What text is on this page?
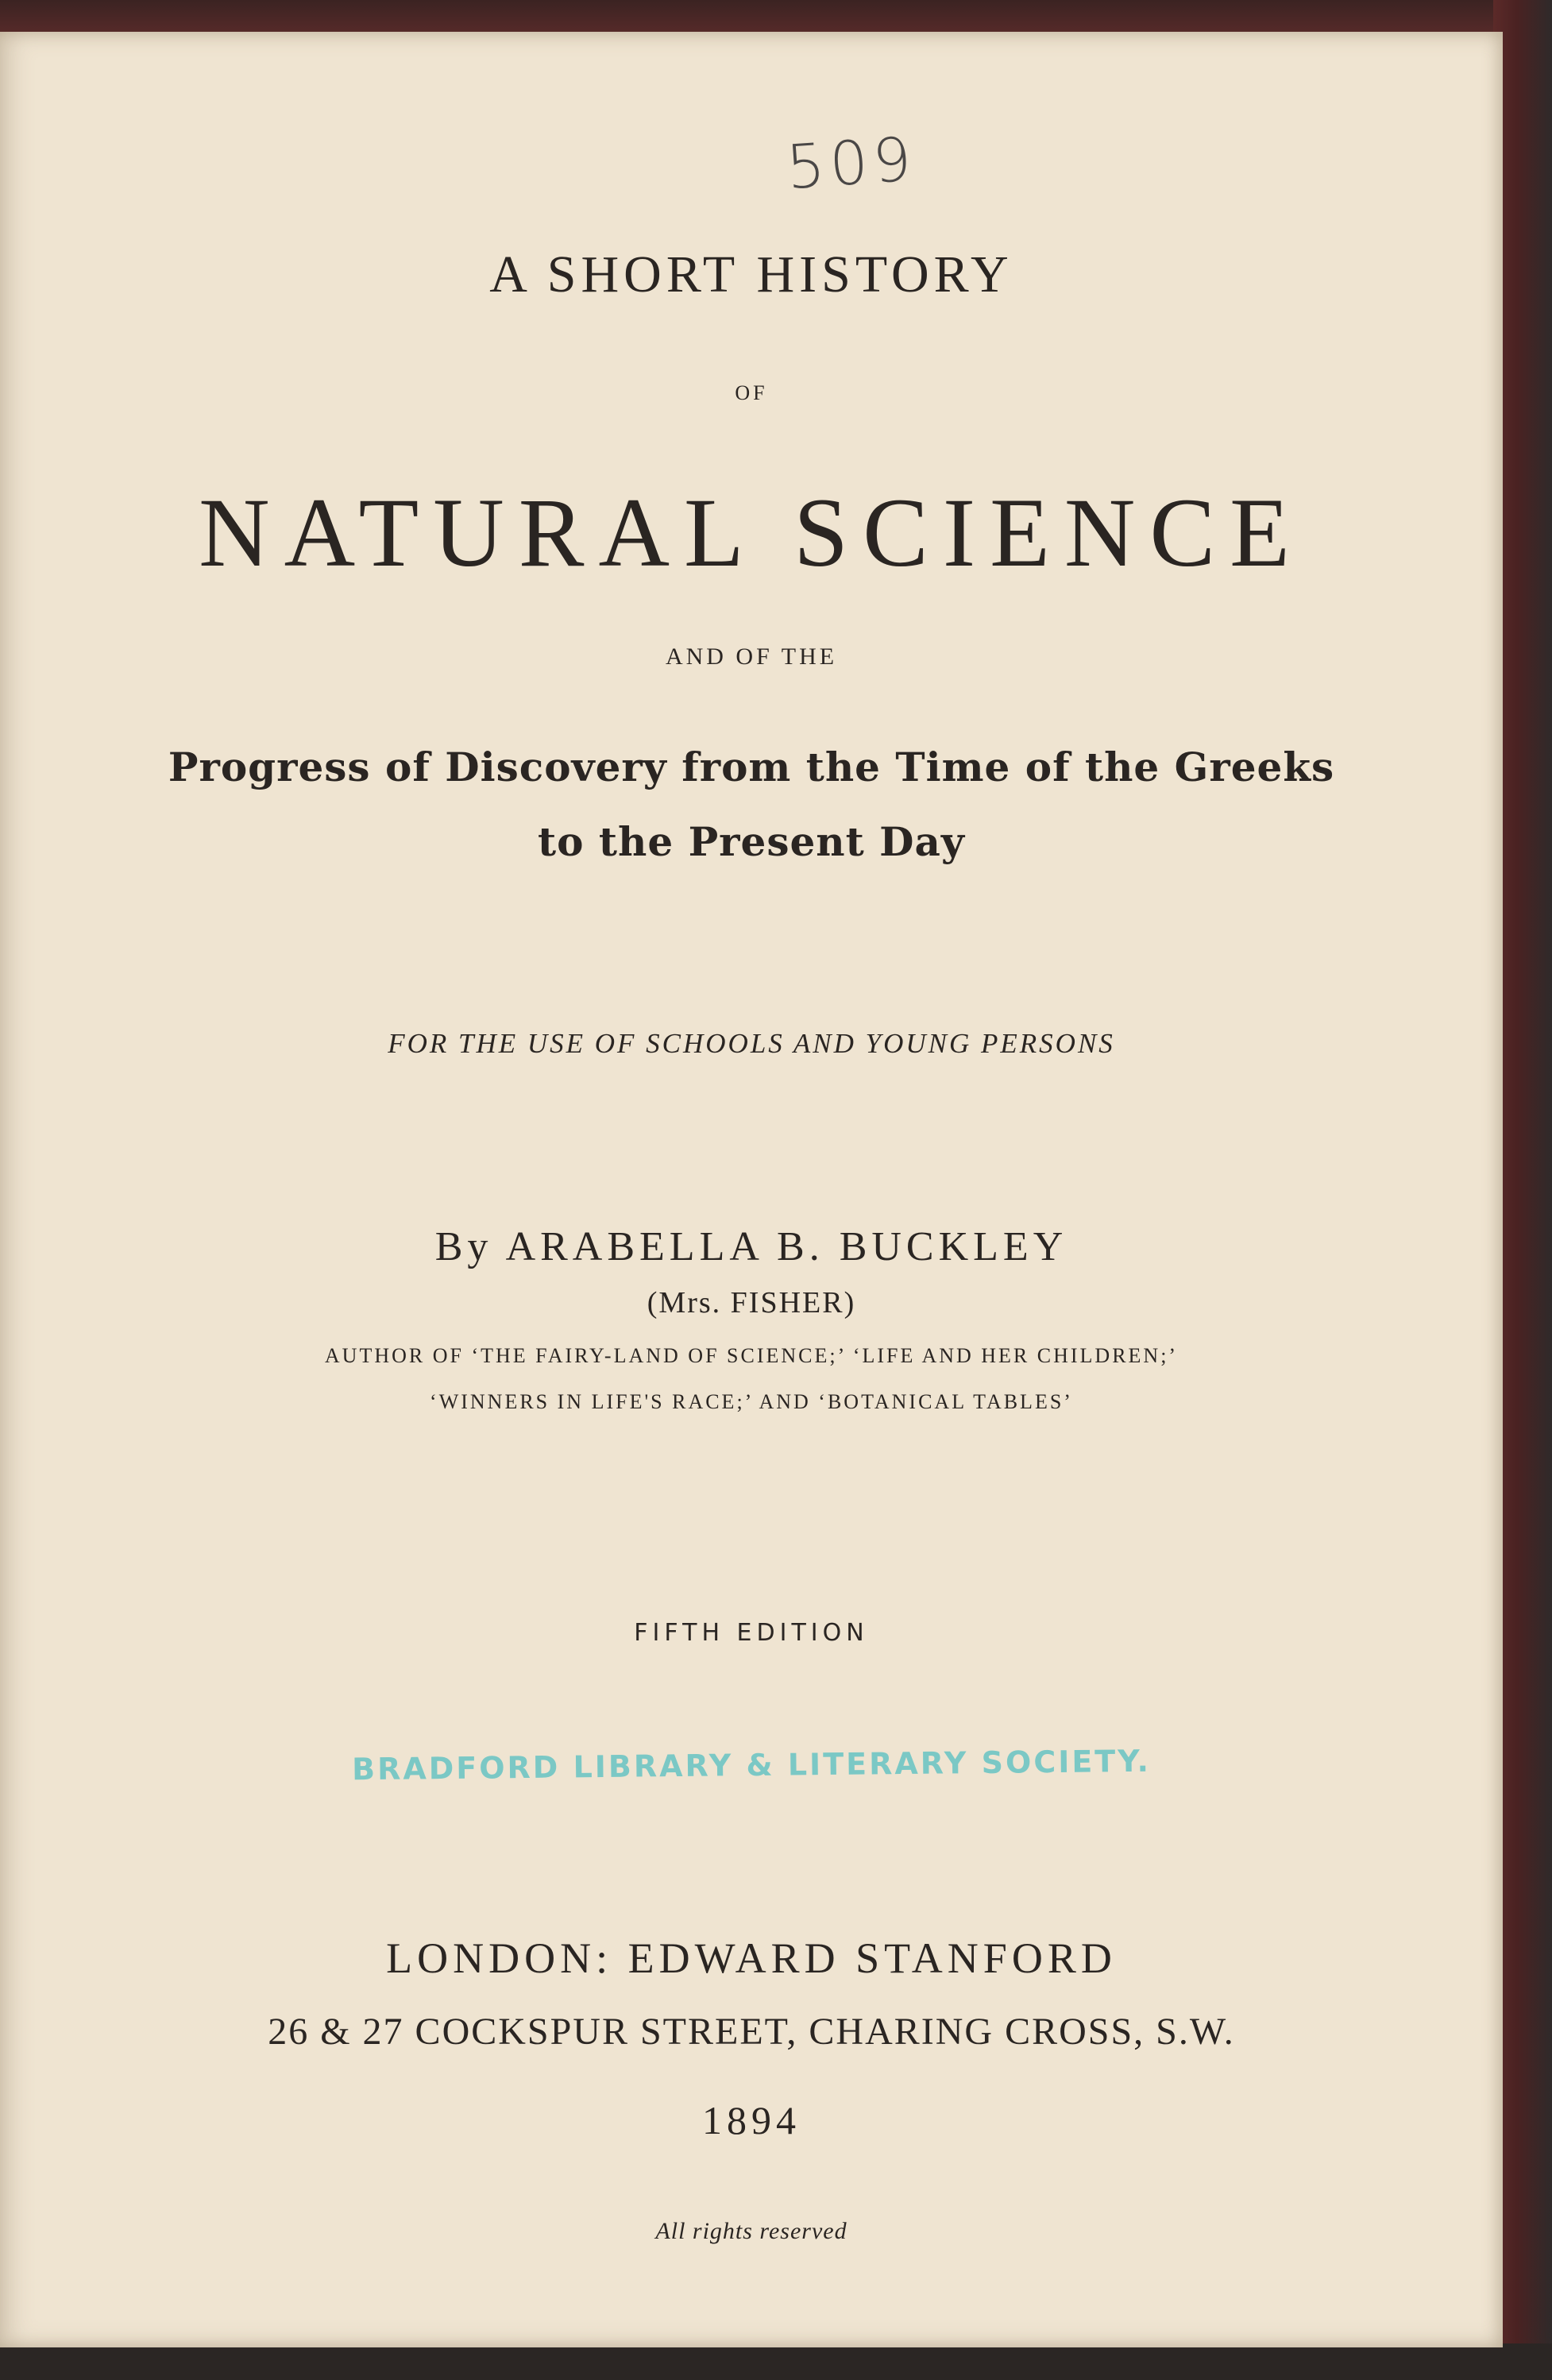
509
A SHORT HISTORY
OF
NATURAL SCIENCE
AND OF THE
Progress of Discovery from the Time of the Greeks
to the Present Day
FOR THE USE OF SCHOOLS AND YOUNG PERSONS
By ARABELLA B. BUCKLEY
(Mrs. FISHER)
AUTHOR OF ‘THE FAIRY-LAND OF SCIENCE;’ ‘LIFE AND HER CHILDREN;’
‘WINNERS IN LIFE'S RACE;’ AND ‘BOTANICAL TABLES’
FIFTH EDITION
BRADFORD LIBRARY & LITERARY SOCIETY.
LONDON: EDWARD STANFORD
26 & 27 COCKSPUR STREET, CHARING CROSS, S.W.
1894
All rights reserved
